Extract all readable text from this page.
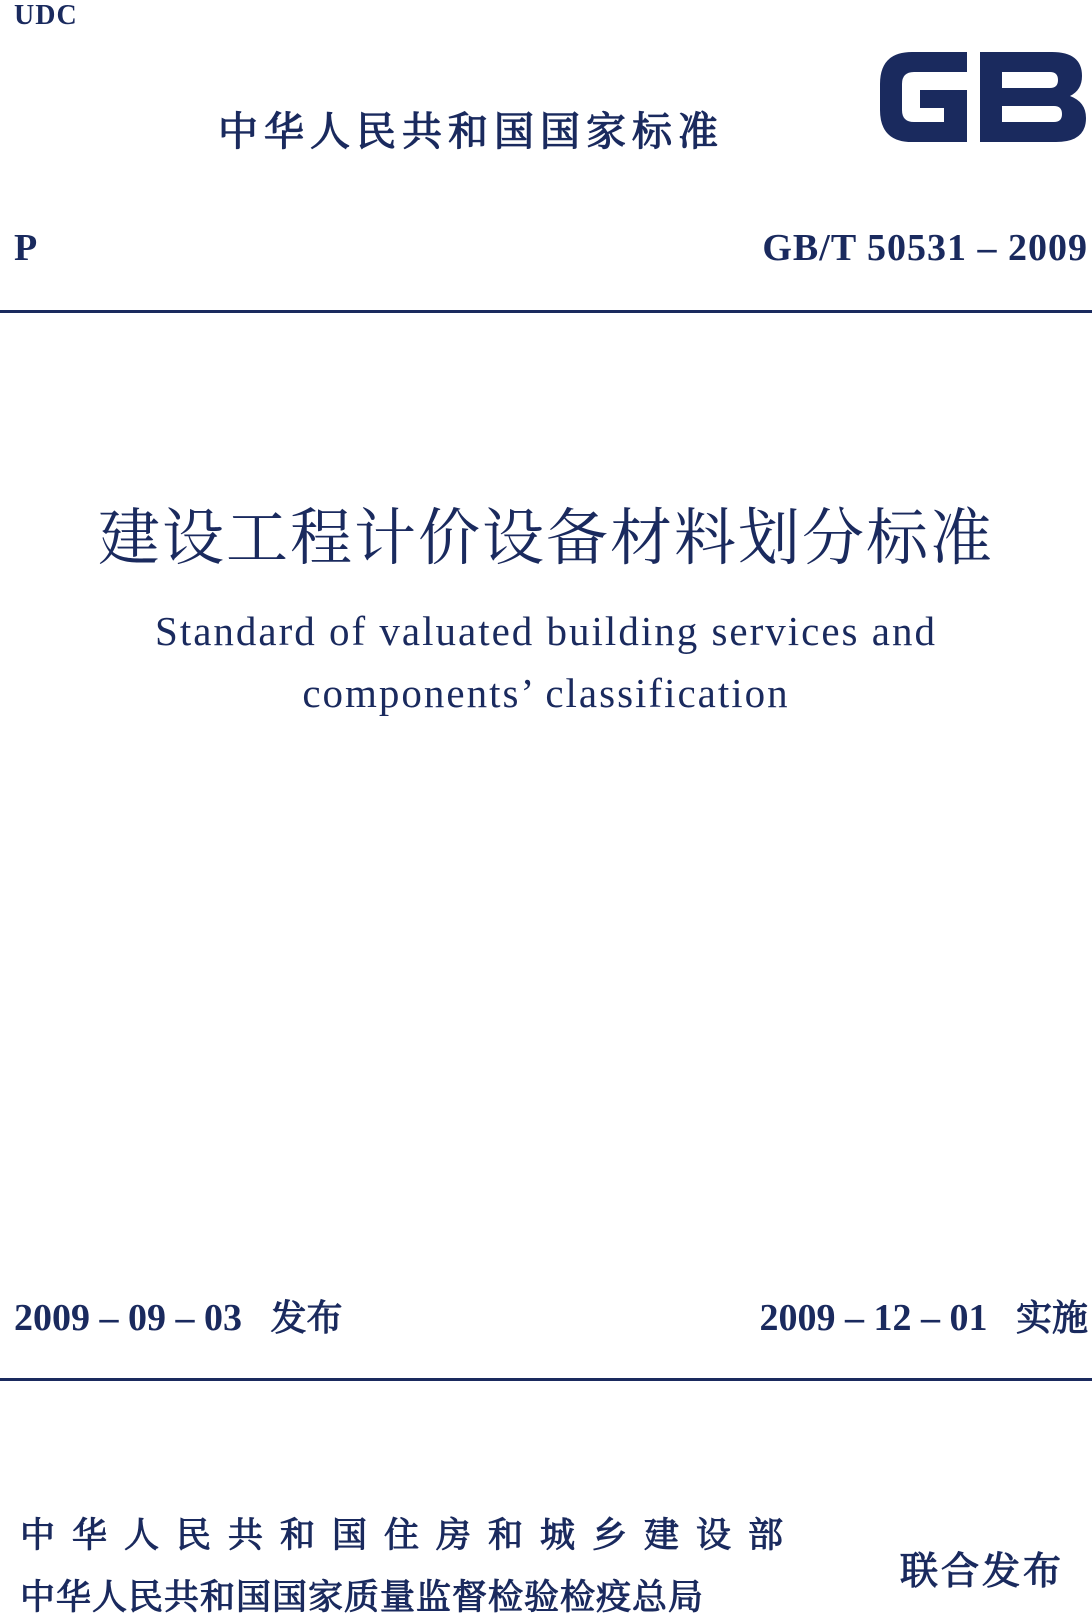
UDC
中华人民共和国国家标准
P	GB/T 50531 – 2009
建设工程计价设备材料划分标准
Standard of valuated building services and
components’ classification
2009 – 09 – 03 发布	2009 – 12 – 01 实施
中华人民共和国住房和城乡建设部
中华人民共和国国家质量监督检验检疫总局
联合发布
